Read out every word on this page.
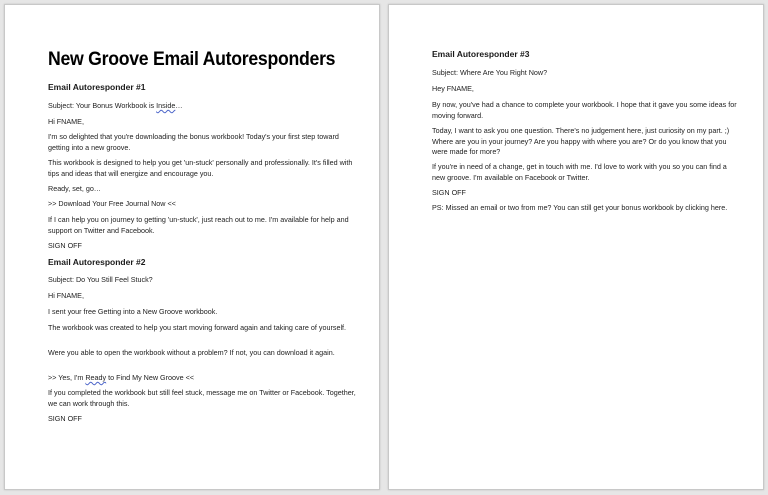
New Groove Email Autoresponders

Email Autoresponder #1

Subject: Your Bonus Workbook is Inside…

Hi FNAME,

I'm so delighted that you're downloading the bonus workbook! Today's your first step toward getting into a new groove.

This workbook is designed to help you get 'un-stuck' personally and professionally. It's filled with tips and ideas that will energize and encourage you.

Ready, set, go…

>> Download Your Free Journal Now <<

If I can help you on journey to getting 'un-stuck', just reach out to me. I'm available for help and support on Twitter and Facebook.

SIGN OFF

Email Autoresponder #2

Subject: Do You Still Feel Stuck?

Hi FNAME,

I sent your free Getting into a New Groove workbook.

The workbook was created to help you start moving forward again and taking care of yourself.

Were you able to open the workbook without a problem? If not, you can download it again.

>> Yes, I'm Ready to Find My New Groove <<

If you completed the workbook but still feel stuck, message me on Twitter or Facebook. Together, we can work through this.

SIGN OFF

Email Autoresponder #3

Subject: Where Are You Right Now?

Hey FNAME,

By now, you've had a chance to complete your workbook. I hope that it gave you some ideas for moving forward.

Today, I want to ask you one question. There's no judgement here, just curiosity on my part. ;) Where are you in your journey? Are you happy with where you are? Or do you know that you were made for more?

If you're in need of a change, get in touch with me. I'd love to work with you so you can find a new groove. I'm available on Facebook or Twitter.

SIGN OFF

PS: Missed an email or two from me? You can still get your bonus workbook by clicking here.
